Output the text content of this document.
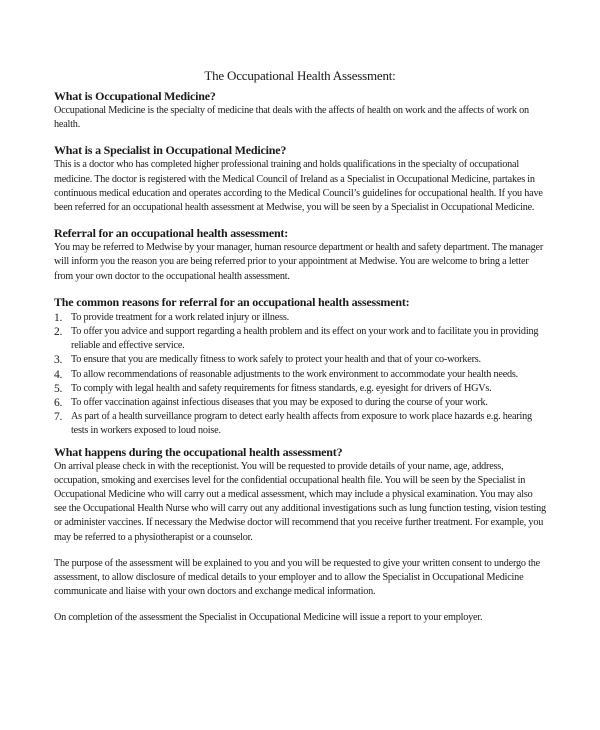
The Occupational Health Assessment:
What is Occupational Medicine?

Occupational Medicine is the specialty of medicine that deals with the affects of health on work and the affects of work on health.

What is a Specialist in Occupational Medicine?

This is a doctor who has completed higher professional training and holds qualifications in the specialty of occupational medicine. The doctor is registered with the Medical Council of Ireland as a Specialist in Occupational Medicine, partakes in continuous medical education and operates according to the Medical Council’s guidelines for occupational health. If you have been referred for an occupational health assessment at Medwise, you will be seen by a Specialist in Occupational Medicine.

Referral for an occupational health assessment:

You may be referred to Medwise by your manager, human resource department or health and safety department. The manager will inform you the reason you are being referred prior to your appointment at Medwise. You are welcome to bring a letter from your own doctor to the occupational health assessment.

The common reasons for referral for an occupational health assessment:
1. To provide treatment for a work related injury or illness.
2. To offer you advice and support regarding a health problem and its effect on your work and to facilitate you in providing reliable and effective service.
3. To ensure that you are medically fitness to work safely to protect your health and that of your co-workers.
4. To allow recommendations of reasonable adjustments to the work environment to accommodate your health needs.
5. To comply with legal health and safety requirements for fitness standards, e.g. eyesight for drivers of HGVs.
6. To offer vaccination against infectious diseases that you may be exposed to during the course of your work.
7. As part of a health surveillance program to detect early health affects from exposure to work place hazards e.g. hearing tests in workers exposed to loud noise.
What happens during the occupational health assessment?

On arrival please check in with the receptionist. You will be requested to provide details of your name, age, address, occupation, smoking and exercises level for the confidential occupational health file. You will be seen by the Specialist in Occupational Medicine who will carry out a medical assessment, which may include a physical examination. You may also see the Occupational Health Nurse who will carry out any additional investigations such as lung function testing, vision testing or administer vaccines. If necessary the Medwise doctor will recommend that you receive further treatment. For example, you may be referred to a physiotherapist or a counselor.

The purpose of the assessment will be explained to you and you will be requested to give your written consent to undergo the assessment, to allow disclosure of medical details to your employer and to allow the Specialist in Occupational Medicine communicate and liaise with your own doctors and exchange medical information.

On completion of the assessment the Specialist in Occupational Medicine will issue a report to your employer.
